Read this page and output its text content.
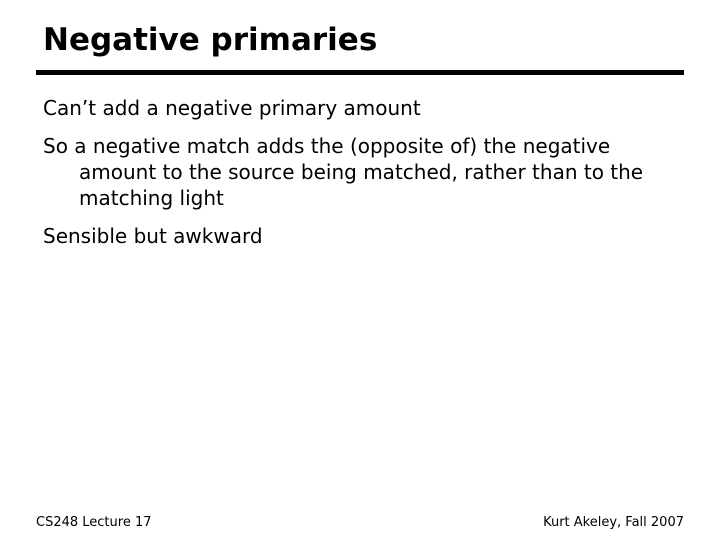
Negative primaries
Can’t add a negative primary amount
So a negative match adds the (opposite of) the negative amount to the source being matched, rather than to the matching light
Sensible but awkward
CS248 Lecture 17	Kurt Akeley, Fall 2007
